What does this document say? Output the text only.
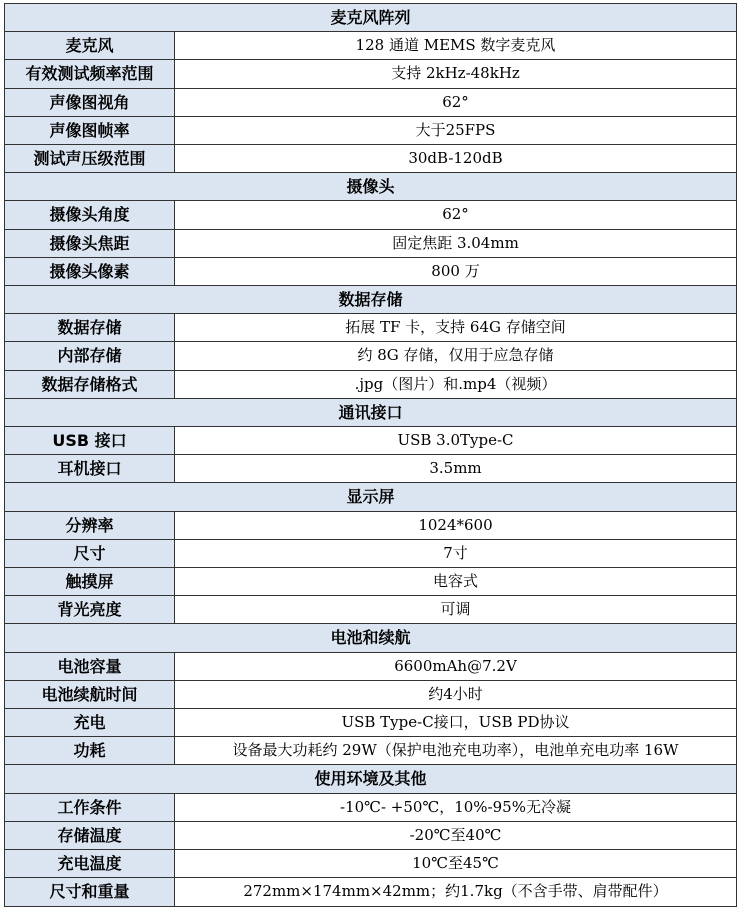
麦克风阵列	
麦克风	128 通道 MEMS 数字麦克风
有效测试频率范围	支持 2kHz-48kHz
声像图视角	62°
声像图帧率	大于25FPS
测试声压级范围	30dB-120dB
摄像头	
摄像头角度	62°
摄像头焦距	固定焦距 3.04mm
摄像头像素	800 万
数据存储	
数据存储	拓展 TF 卡，支持 64G 存储空间
内部存储	约 8G 存储，仅用于应急存储
数据存储格式	.jpg（图片）和.mp4（视频）
通讯接口	
USB 接口	USB 3.0Type-C
耳机接口	3.5mm
显示屏	
分辨率	1024*600
尺寸	7寸
触摸屏	电容式
背光亮度	可调
电池和续航	
电池容量	6600mAh@7.2V
电池续航时间	约4小时
充电	USB Type-C接口，USB PD协议
功耗	设备最大功耗约 29W（保护电池充电功率），电池单充电功率 16W
使用环境及其他	
工作条件	-10℃- +50℃，10%-95%无冷凝
存储温度	-20℃至40℃
充电温度	10℃至45℃
尺寸和重量	272mm×174mm×42mm；约1.7kg（不含手带、肩带配件）
